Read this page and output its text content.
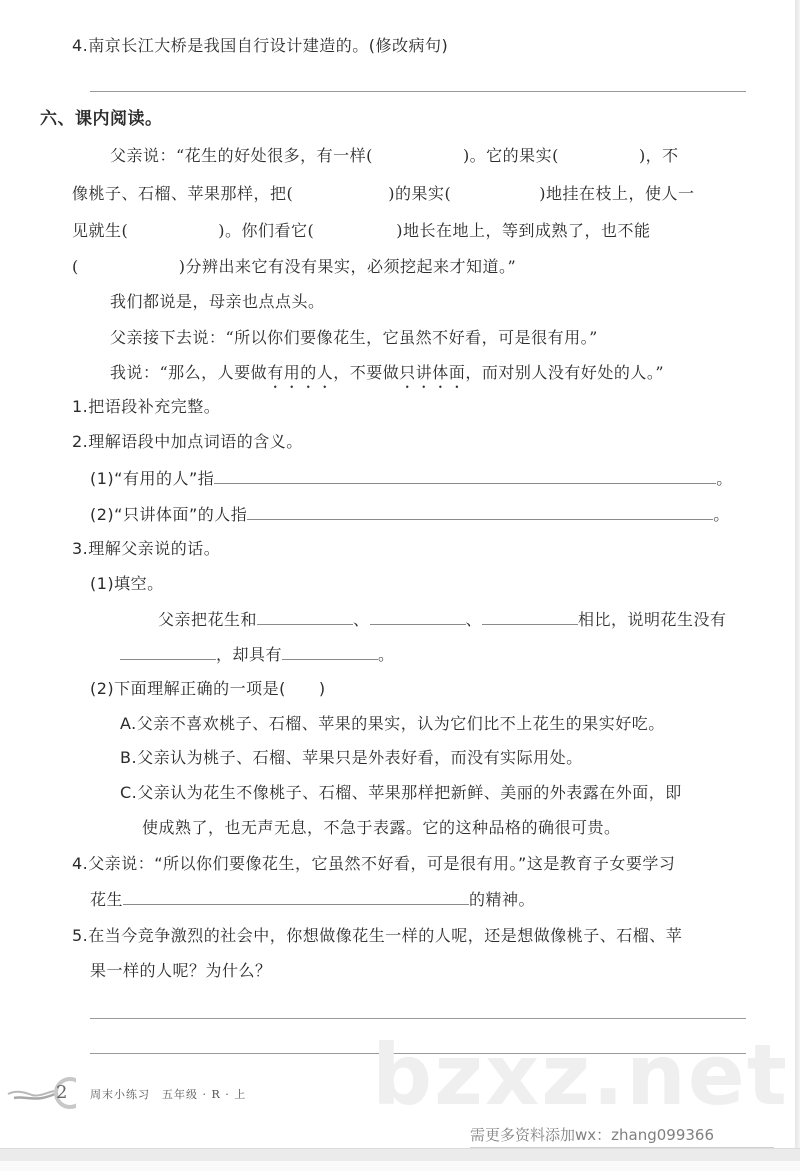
4.南京长江大桥是我国自行设计建造的。(修改病句)
六、课内阅读。
父亲说：“花生的好处很多，有一样(	)。它的果实(	)，不
像桃子、石榴、苹果那样，把(	)的果实(	)地挂在枝上，使人一
见就生(	)。你们看它(	)地长在地上，等到成熟了，也不能
(	)分辨出来它有没有果实，必须挖起来才知道。”
我们都说是，母亲也点点头。
父亲接下去说：“所以你们要像花生，它虽然不好看，可是很有用。”
我说：“那么，人要做有用的人，不要做只讲体面，而对别人没有好处的人。”
1.把语段补充完整。
2.理解语段中加点词语的含义。
(1)“有用的人”指	。
(2)“只讲体面”的人指	。
3.理解父亲说的话。
(1)填空。
父亲把花生和	、	、	相比，说明花生没有
，却具有	。
(2)下面理解正确的一项是(　　)
A.父亲不喜欢桃子、石榴、苹果的果实，认为它们比不上花生的果实好吃。
B.父亲认为桃子、石榴、苹果只是外表好看，而没有实际用处。
C.父亲认为花生不像桃子、石榴、苹果那样把新鲜、美丽的外表露在外面，即
使成熟了，也无声无息，不急于表露。它的这种品格的确很可贵。
4.父亲说：“所以你们要像花生，它虽然不好看，可是很有用。”这是教育子女要学习
花生	的精神。
5.在当今竞争激烈的社会中，你想做像花生一样的人呢，还是想做像桃子、石榴、苹
果一样的人呢？为什么？
bzxz.net
2	周末小练习　五年级 · R · 上
需更多资料添加wx：zhang099366
